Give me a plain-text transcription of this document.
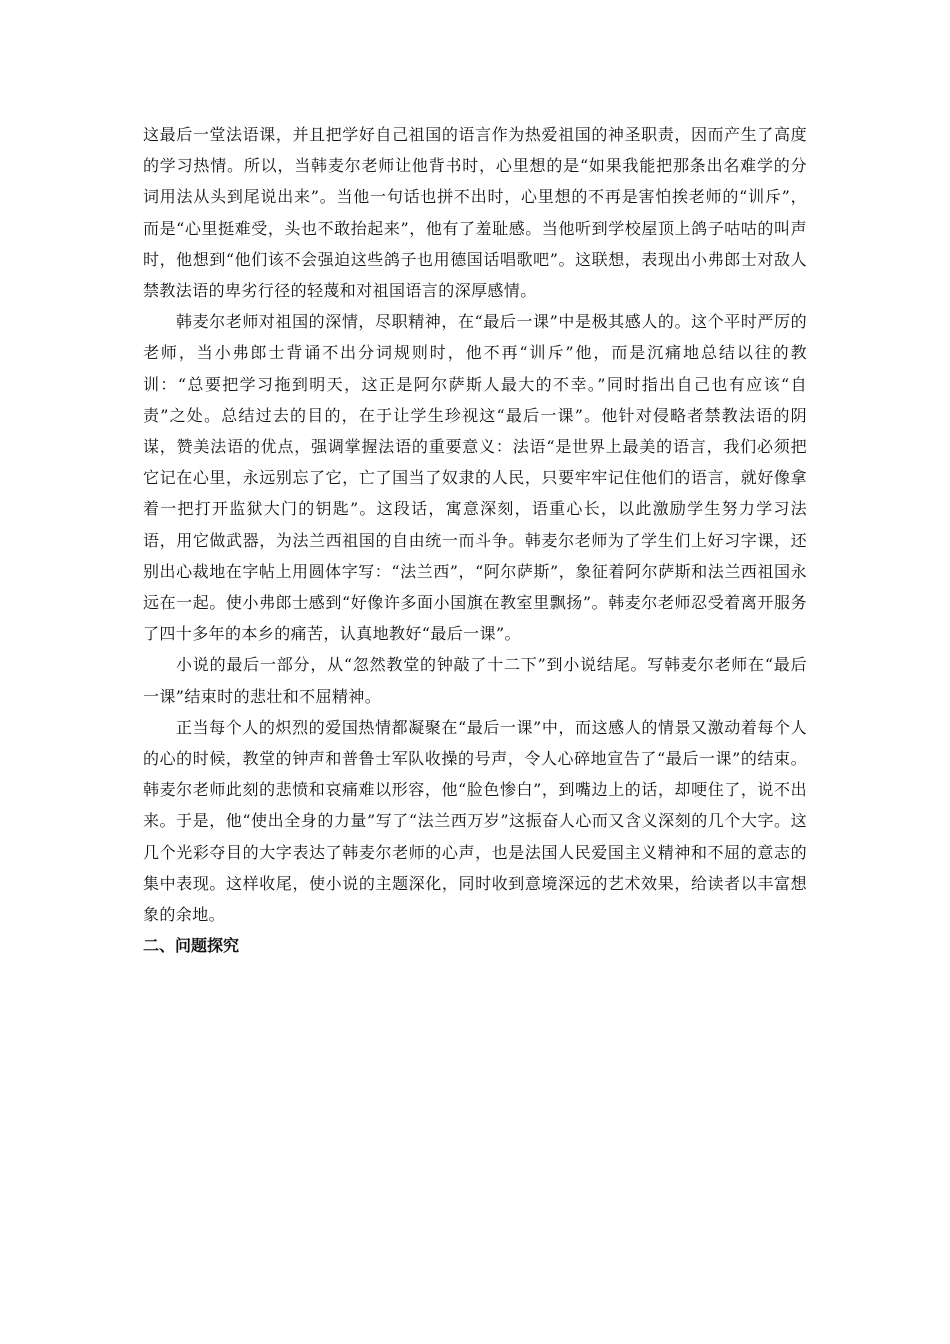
这最后一堂法语课，并且把学好自己祖国的语言作为热爱祖国的神圣职责，因而产生了高度的学习热情。所以，当韩麦尔老师让他背书时，心里想的是“如果我能把那条出名难学的分词用法从头到尾说出来”。当他一句话也拼不出时，心里想的不再是害怕挨老师的“训斥”，而是“心里挺难受，头也不敢抬起来”，他有了羞耻感。当他听到学校屋顶上鸽子咕咕的叫声时，他想到“他们该不会强迫这些鸽子也用德国话唱歌吧”。这联想，表现出小弗郎士对敌人禁教法语的卑劣行径的轻蔑和对祖国语言的深厚感情。

韩麦尔老师对祖国的深情，尽职精神，在“最后一课”中是极其感人的。这个平时严厉的老师，当小弗郎士背诵不出分词规则时，他不再“训斥”他，而是沉痛地总结以往的教训：“总要把学习拖到明天，这正是阿尔萨斯人最大的不幸。”同时指出自己也有应该“自责”之处。总结过去的目的，在于让学生珍视这“最后一课”。他针对侵略者禁教法语的阴谋，赞美法语的优点，强调掌握法语的重要意义：法语“是世界上最美的语言，我们必须把它记在心里，永远别忘了它，亡了国当了奴隶的人民，只要牢牢记住他们的语言，就好像拿着一把打开监狱大门的钥匙”。这段话，寓意深刻，语重心长，以此激励学生努力学习法语，用它做武器，为法兰西祖国的自由统一而斗争。韩麦尔老师为了学生们上好习字课，还别出心裁地在字帖上用圆体字写：“法兰西”，“阿尔萨斯”，象征着阿尔萨斯和法兰西祖国永远在一起。使小弗郎士感到“好像许多面小国旗在教室里飘扬”。韩麦尔老师忍受着离开服务了四十多年的本乡的痛苦，认真地教好“最后一课”。

小说的最后一部分，从“忽然教堂的钟敲了十二下”到小说结尾。写韩麦尔老师在“最后一课”结束时的悲壮和不屈精神。

正当每个人的炽烈的爱国热情都凝聚在“最后一课”中，而这感人的情景又激动着每个人的心的时候，教堂的钟声和普鲁士军队收操的号声，令人心碎地宣告了“最后一课”的结束。韩麦尔老师此刻的悲愤和哀痛难以形容，他“脸色惨白”，到嘴边上的话，却哽住了，说不出来。于是，他“使出全身的力量”写了“法兰西万岁”这振奋人心而又含义深刻的几个大字。这几个光彩夺目的大字表达了韩麦尔老师的心声，也是法国人民爱国主义精神和不屈的意志的集中表现。这样收尾，使小说的主题深化，同时收到意境深远的艺术效果，给读者以丰富想象的余地。

二、问题探究
